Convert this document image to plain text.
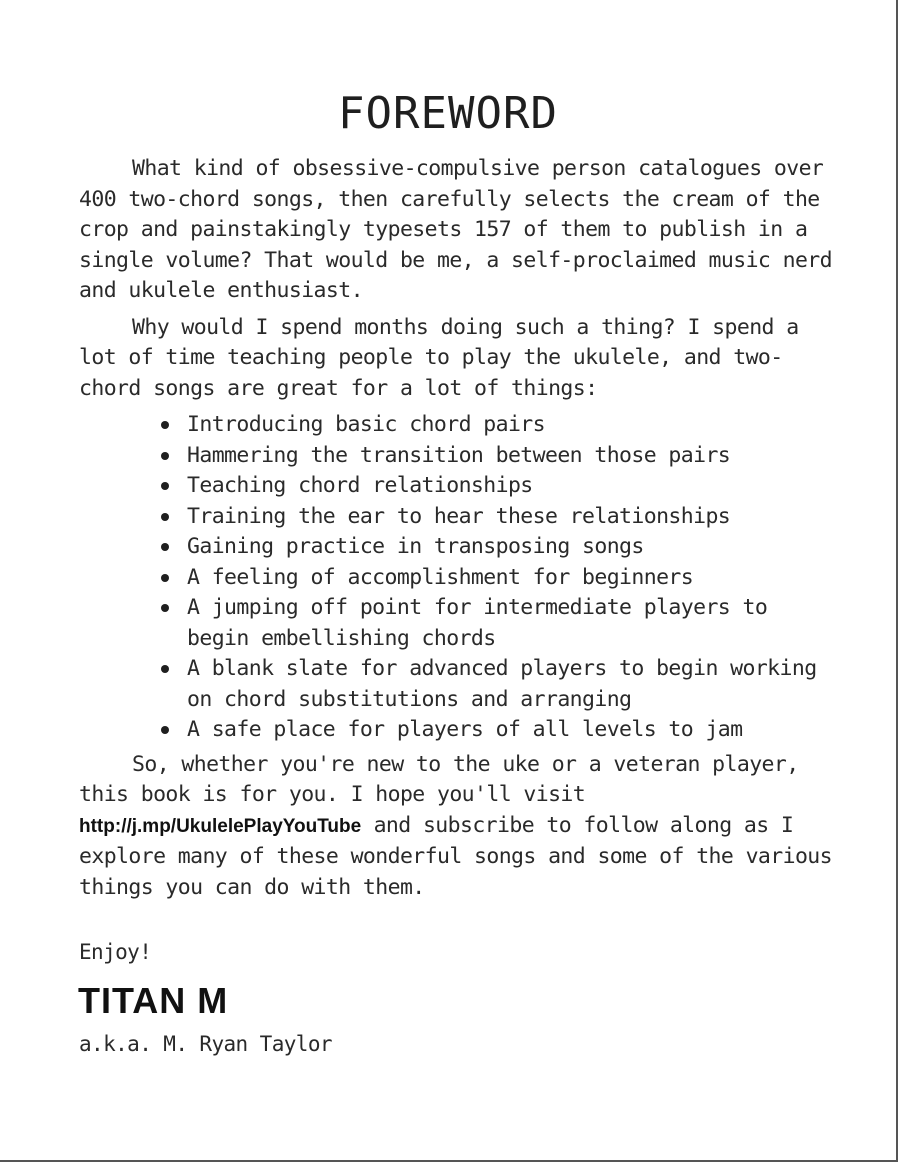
FOREWORD

What kind of obsessive-compulsive person catalogues over 400 two-chord songs, then carefully selects the cream of the crop and painstakingly typesets 157 of them to publish in a single volume? That would be me, a self-proclaimed music nerd and ukulele enthusiast.

Why would I spend months doing such a thing? I spend a lot of time teaching people to play the ukulele, and two-chord songs are great for a lot of things:

Introducing basic chord pairs
Hammering the transition between those pairs
Teaching chord relationships
Training the ear to hear these relationships
Gaining practice in transposing songs
A feeling of accomplishment for beginners
A jumping off point for intermediate players to begin embellishing chords
A blank slate for advanced players to begin working on chord substitutions and arranging
A safe place for players of all levels to jam

So, whether you're new to the uke or a veteran player, this book is for you. I hope you'll visit http://j.mp/UkulelePlayYouTube and subscribe to follow along as I explore many of these wonderful songs and some of the various things you can do with them.

Enjoy!
TITAN M
a.k.a. M. Ryan Taylor
